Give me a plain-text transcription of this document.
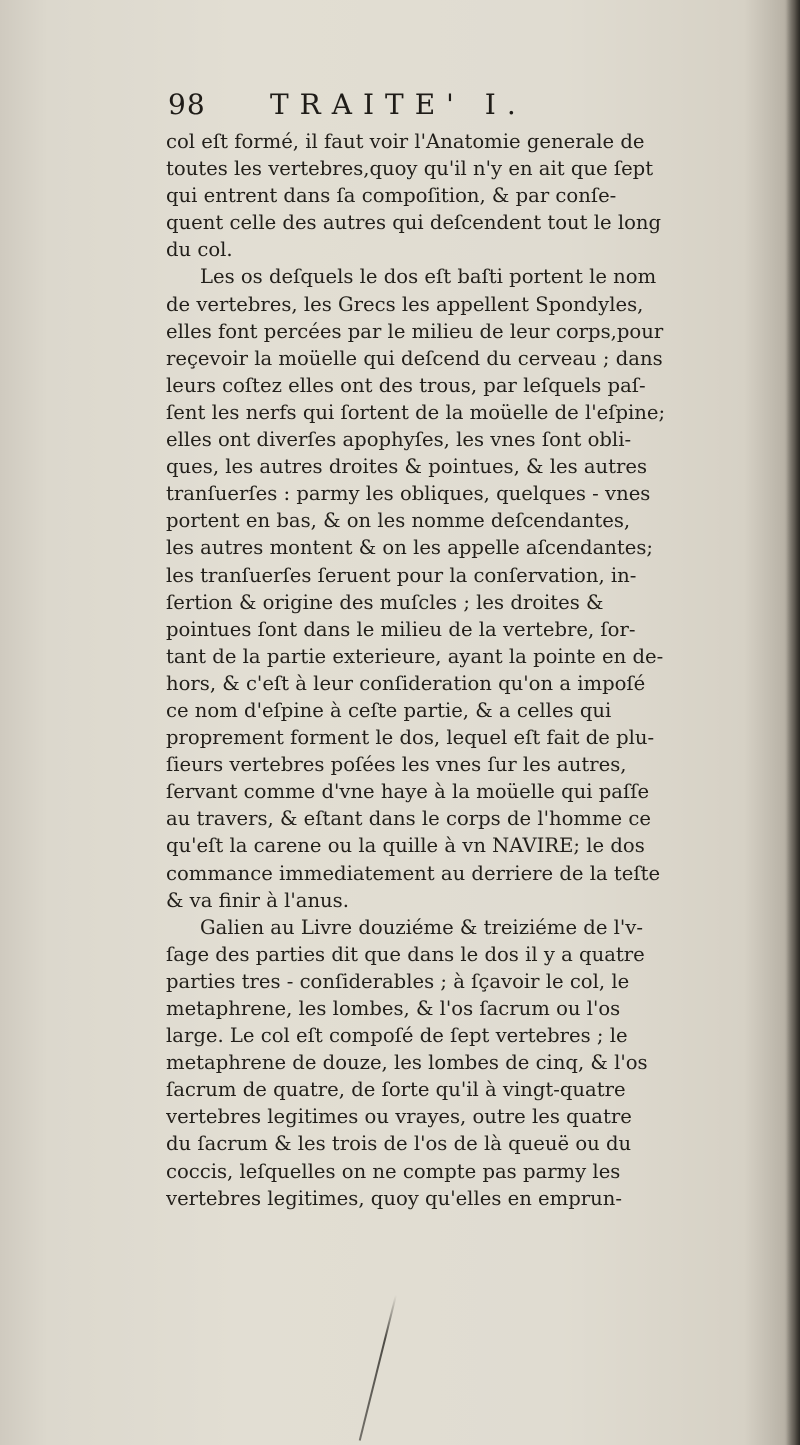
98 TRAITE' I.
col eſt formé, il faut voir l'Anatomie generale de
toutes les vertebres,quoy qu'il n'y en ait que ſept
qui entrent dans ſa compoſition, & par conſe-
quent celle des autres qui deſcendent tout le long
du col.
Les os deſquels le dos eſt baſti portent le nom
de vertebres, les Grecs les appellent Spondyles,
elles font percées par le milieu de leur corps,pour
reçevoir la moüelle qui deſcend du cerveau ; dans
leurs coſtez elles ont des trous, par leſquels paſ-
ſent les nerfs qui ſortent de la moüelle de l'eſpine;
elles ont diverſes apophyſes, les vnes ſont obli-
ques, les autres droites & pointues, & les autres
tranſuerſes : parmy les obliques, quelques - vnes
portent en bas, & on les nomme deſcendantes,
les autres montent & on les appelle aſcendantes;
les tranſuerſes ſeruent pour la conſervation, in-
ſertion & origine des muſcles ; les droites &
pointues ſont dans le milieu de la vertebre, ſor-
tant de la partie exterieure, ayant la pointe en de-
hors, & c'eſt à leur conſideration qu'on a impoſé
ce nom d'eſpine à ceſte partie, & a celles qui
proprement forment le dos, lequel eſt fait de plu-
ſieurs vertebres poſées les vnes ſur les autres,
ſervant comme d'vne haye à la moüelle qui paſſe
au travers, & eſtant dans le corps de l'homme ce
qu'eſt la carene ou la quille à vn NAVIRE; le dos
commance immediatement au derriere de la teſte
& va finir à l'anus.
Galien au Livre douziéme & treiziéme de l'v-
ſage des parties dit que dans le dos il y a quatre
parties tres - conſiderables ; à ſçavoir le col, le
metaphrene, les lombes, & l'os ſacrum ou l'os
large. Le col eſt compoſé de ſept vertebres ; le
metaphrene de douze, les lombes de cinq, & l'os
ſacrum de quatre, de ſorte qu'il à vingt-quatre
vertebres legitimes ou vrayes, outre les quatre
du ſacrum & les trois de l'os de là queuë ou du
coccis, leſquelles on ne compte pas parmy les
vertebres legitimes, quoy qu'elles en emprun-
